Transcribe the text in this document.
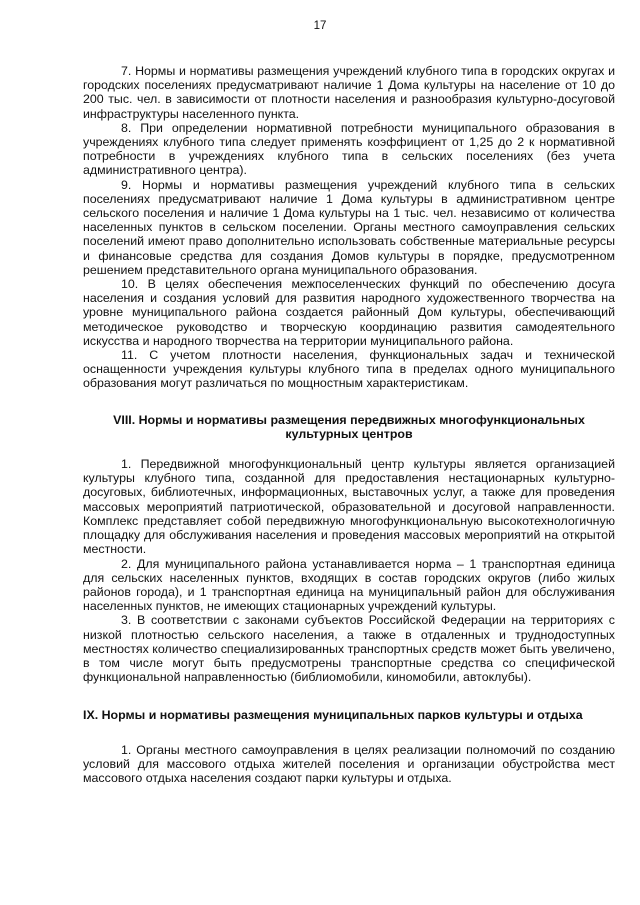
17

7. Нормы и нормативы размещения учреждений клубного типа в городских округах и городских поселениях предусматривают наличие 1 Дома культуры на население от 10 до 200 тыс. чел. в зависимости от плотности населения и разнообразия культурно-досуговой инфраструктуры населенного пункта.

8. При определении нормативной потребности муниципального образования в учреждениях клубного типа следует применять коэффициент от 1,25 до 2 к нормативной потребности в учреждениях клубного типа в сельских поселениях (без учета административного центра).

9. Нормы и нормативы размещения учреждений клубного типа в сельских поселениях предусматривают наличие 1 Дома культуры в административном центре сельского поселения и наличие 1 Дома культуры на 1 тыс. чел. независимо от количества населенных пунктов в сельском поселении. Органы местного самоуправления сельских поселений имеют право дополнительно использовать собственные материальные ресурсы и финансовые средства для создания Домов культуры в порядке, предусмотренном решением представительного органа муниципального образования.

10. В целях обеспечения межпоселенческих функций по обеспечению досуга населения и создания условий для развития народного художественного творчества на уровне муниципального района создается районный Дом культуры, обеспечивающий методическое руководство и творческую координацию развития самодеятельного искусства и народного творчества на территории муниципального района.

11. С учетом плотности населения, функциональных задач и технической оснащенности учреждения культуры клубного типа в пределах одного муниципального образования могут различаться по мощностным характеристикам.

VIII. Нормы и нормативы размещения передвижных многофункциональных культурных центров

1. Передвижной многофункциональный центр культуры является организацией культуры клубного типа, созданной для предоставления нестационарных культурно-досуговых, библиотечных, информационных, выставочных услуг, а также для проведения массовых мероприятий патриотической, образовательной и досуговой направленности. Комплекс представляет собой передвижную многофункциональную высокотехнологичную площадку для обслуживания населения и проведения массовых мероприятий на открытой местности.

2. Для муниципального района устанавливается норма – 1 транспортная единица для сельских населенных пунктов, входящих в состав городских округов (либо жилых районов города), и 1 транспортная единица на муниципальный район для обслуживания населенных пунктов, не имеющих стационарных учреждений культуры.

3. В соответствии с законами субъектов Российской Федерации на территориях с низкой плотностью сельского населения, а также в отдаленных и труднодоступных местностях количество специализированных транспортных средств может быть увеличено, в том числе могут быть предусмотрены транспортные средства со специфической функциональной направленностью (библиомобили, киномобили, автоклубы).

IX. Нормы и нормативы размещения муниципальных парков культуры и отдыха

1. Органы местного самоуправления в целях реализации полномочий по созданию условий для массового отдыха жителей поселения и организации обустройства мест массового отдыха населения создают парки культуры и отдыха.
